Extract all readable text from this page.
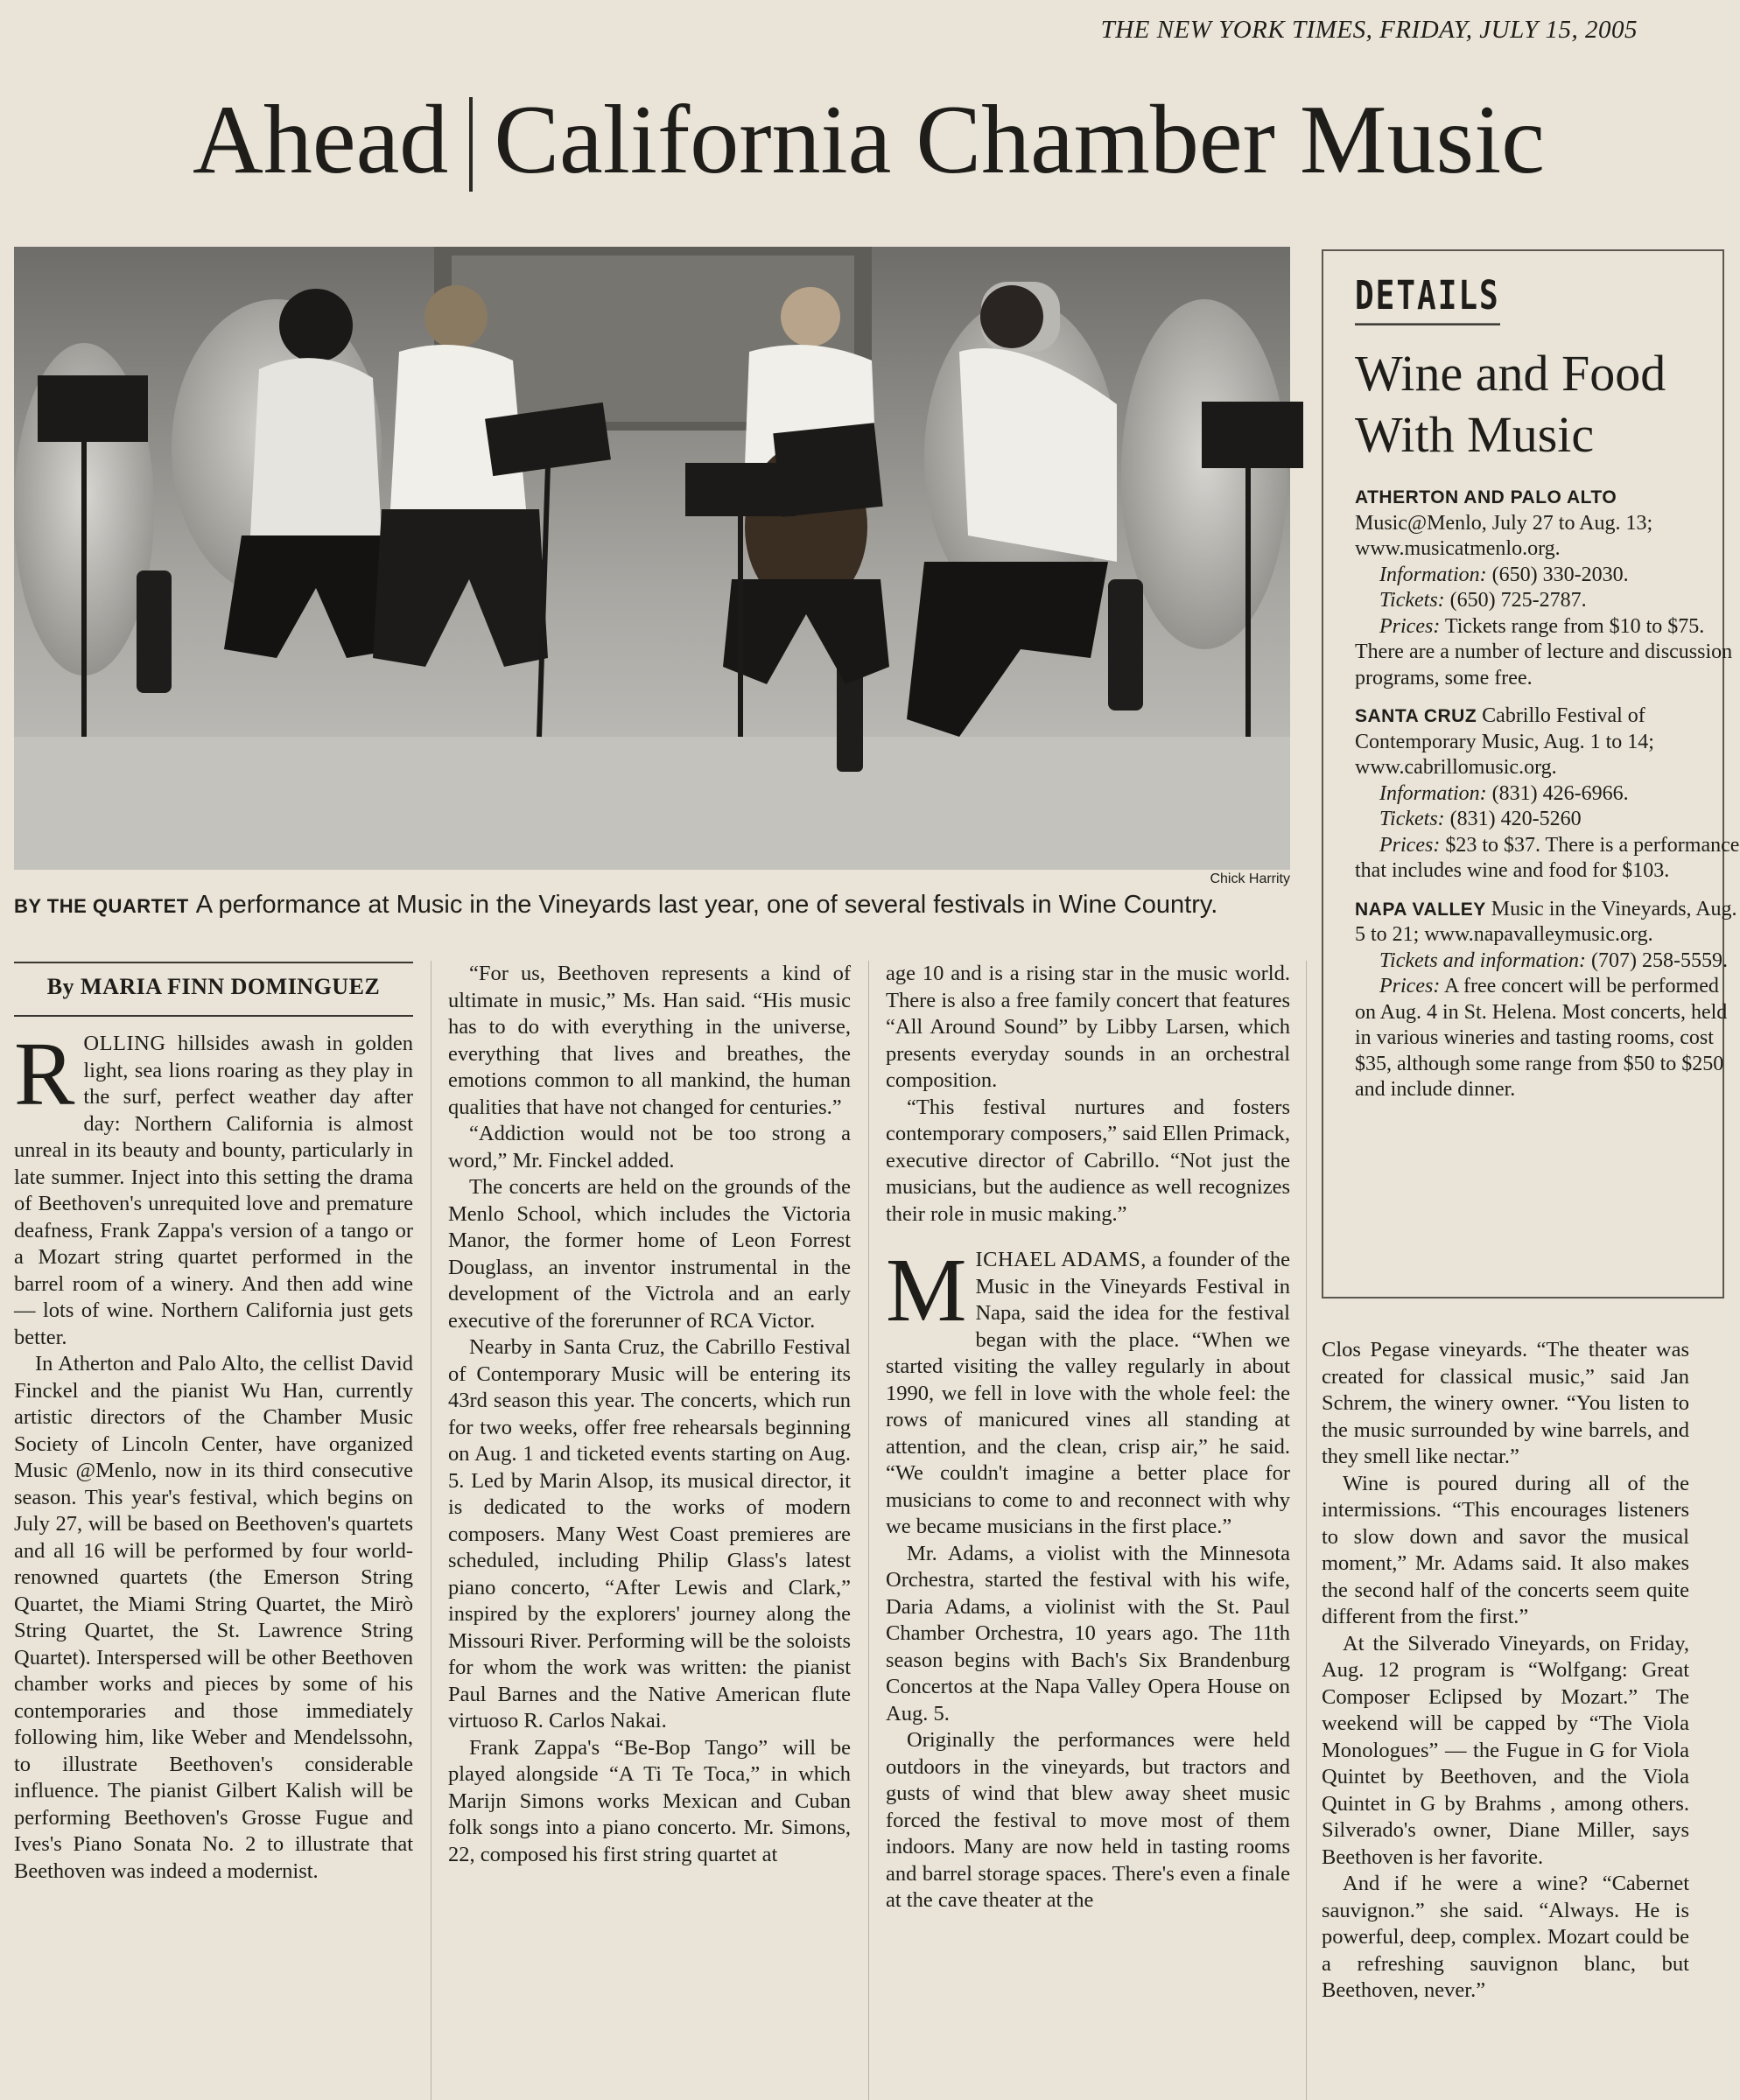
THE NEW YORK TIMES, FRIDAY, JULY 15, 2005
Ahead California Chamber Music
Chick Harrity
BY THE QUARTET A performance at Music in the Vineyards last year, one of several festivals in Wine Country.
By MARIA FINN DOMINGUEZ

ROLLING hillsides awash in golden light, sea lions roaring as they play in the surf, perfect weather day after day: Northern California is almost unreal in its beauty and bounty, particularly in late summer. Inject into this setting the drama of Beethoven's unrequited love and premature deafness, Frank Zappa's version of a tango or a Mozart string quartet performed in the barrel room of a winery. And then add wine — lots of wine. Northern California just gets better.

In Atherton and Palo Alto, the cellist David Finckel and the pianist Wu Han, currently artistic directors of the Chamber Music Society of Lincoln Center, have organized Music @Menlo, now in its third consecutive season. This year's festival, which begins on July 27, will be based on Beethoven's quartets and all 16 will be performed by four world-renowned quartets (the Emerson String Quartet, the Miami String Quartet, the Mirò String Quartet, the St. Lawrence String Quartet). Interspersed will be other Beethoven chamber works and pieces by some of his contemporaries and those immediately following him, like Weber and Mendelssohn, to illustrate Beethoven's considerable influence. The pianist Gilbert Kalish will be performing Beethoven's Grosse Fugue and Ives's Piano Sonata No. 2 to illustrate that Beethoven was indeed a modernist.

“For us, Beethoven represents a kind of ultimate in music,” Ms. Han said. “His music has to do with everything in the universe, everything that lives and breathes, the emotions common to all mankind, the human qualities that have not changed for centuries.”

“Addiction would not be too strong a word,” Mr. Finckel added.

The concerts are held on the grounds of the Menlo School, which includes the Victoria Manor, the former home of Leon Forrest Douglass, an inventor instrumental in the development of the Victrola and an early executive of the forerunner of RCA Victor.

Nearby in Santa Cruz, the Cabrillo Festival of Contemporary Music will be entering its 43rd season this year. The concerts, which run for two weeks, offer free rehearsals beginning on Aug. 1 and ticketed events starting on Aug. 5. Led by Marin Alsop, its musical director, it is dedicated to the works of modern composers. Many West Coast premieres are scheduled, including Philip Glass's latest piano concerto, “After Lewis and Clark,” inspired by the explorers' journey along the Missouri River. Performing will be the soloists for whom the work was written: the pianist Paul Barnes and the Native American flute virtuoso R. Carlos Nakai.

Frank Zappa's “Be-Bop Tango” will be played alongside “A Ti Te Toca,” in which Marijn Simons works Mexican and Cuban folk songs into a piano concerto. Mr. Simons, 22, composed his first string quartet at

age 10 and is a rising star in the music world. There is also a free family concert that features “All Around Sound” by Libby Larsen, which presents everyday sounds in an orchestral composition.

“This festival nurtures and fosters contemporary composers,” said Ellen Primack, executive director of Cabrillo. “Not just the musicians, but the audience as well recognizes their role in music making.”

MICHAEL ADAMS, a founder of the Music in the Vineyards Festival in Napa, said the idea for the festival began with the place. “When we started visiting the valley regularly in about 1990, we fell in love with the whole feel: the rows of manicured vines all standing at attention, and the clean, crisp air,” he said. “We couldn't imagine a better place for musicians to come to and reconnect with why we became musicians in the first place.”

Mr. Adams, a violist with the Minnesota Orchestra, started the festival with his wife, Daria Adams, a violinist with the St. Paul Chamber Orchestra, 10 years ago. The 11th season begins with Bach's Six Brandenburg Concertos at the Napa Valley Opera House on Aug. 5.

Originally the performances were held outdoors in the vineyards, but tractors and gusts of wind that blew away sheet music forced the festival to move most of them indoors. Many are now held in tasting rooms and barrel storage spaces. There's even a finale at the cave theater at the

DETAILS
Wine and Food
With Music
ATHERTON AND PALO ALTO Music@Menlo, July 27 to Aug. 13; www.musicatmenlo.org.
Information: (650) 330-2030.
Tickets: (650) 725-2787.
Prices: Tickets range from $10 to $75. There are a number of lecture and discussion programs, some free.
SANTA CRUZ Cabrillo Festival of Contemporary Music, Aug. 1 to 14; www.cabrillomusic.org.
Information: (831) 426-6966.
Tickets: (831) 420-5260
Prices: $23 to $37. There is a performance that includes wine and food for $103.
NAPA VALLEY Music in the Vineyards, Aug. 5 to 21; www.napavalleymusic.org.
Tickets and information: (707) 258-5559.
Prices: A free concert will be performed on Aug. 4 in St. Helena. Most concerts, held in various wineries and tasting rooms, cost $35, although some range from $50 to $250 and include dinner.

Clos Pegase vineyards. “The theater was created for classical music,” said Jan Schrem, the winery owner. “You listen to the music surrounded by wine barrels, and they smell like nectar.”

Wine is poured during all of the intermissions. “This encourages listeners to slow down and savor the musical moment,” Mr. Adams said. It also makes the second half of the concerts seem quite different from the first.”

At the Silverado Vineyards, on Friday, Aug. 12 program is “Wolfgang: Great Composer Eclipsed by Mozart.” The weekend will be capped by “The Viola Monologues” — the Fugue in G for Viola Quintet by Beethoven, and the Viola Quintet in G by Brahms , among others. Silverado's owner, Diane Miller, says Beethoven is her favorite.

And if he were a wine? “Cabernet sauvignon.” she said. “Always. He is powerful, deep, complex. Mozart could be a refreshing sauvignon blanc, but Beethoven, never.”
